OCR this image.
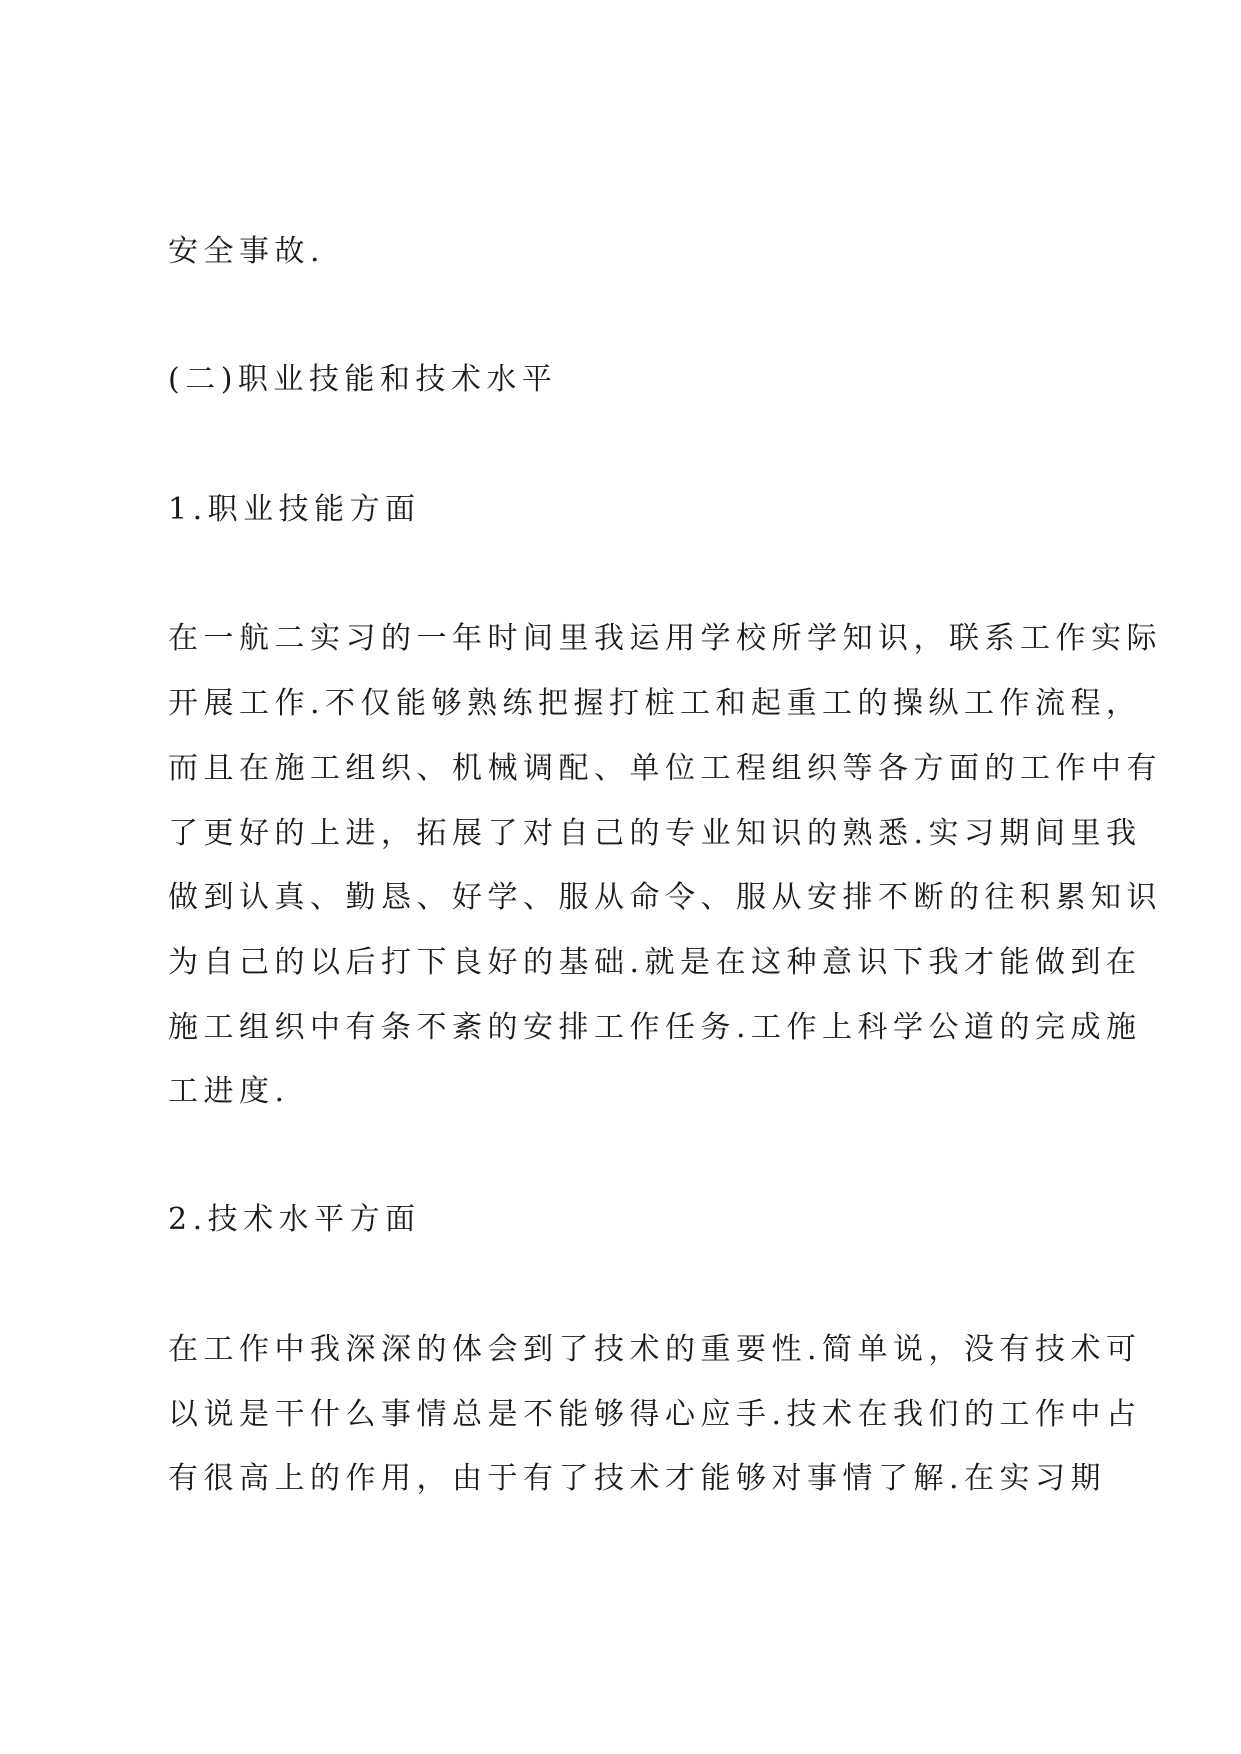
安全事故.
(二)职业技能和技术水平
1.职业技能方面
在一航二实习的一年时间里我运用学校所学知识，联系工作实际
开展工作.不仅能够熟练把握打桩工和起重工的操纵工作流程，
而且在施工组织、机械调配、单位工程组织等各方面的工作中有
了更好的上进，拓展了对自己的专业知识的熟悉.实习期间里我
做到认真、勤恳、好学、服从命令、服从安排不断的往积累知识
为自己的以后打下良好的基础.就是在这种意识下我才能做到在
施工组织中有条不紊的安排工作任务.工作上科学公道的完成施
工进度.
2.技术水平方面
在工作中我深深的体会到了技术的重要性.简单说，没有技术可
以说是干什么事情总是不能够得心应手.技术在我们的工作中占
有很高上的作用，由于有了技术才能够对事情了解.在实习期
